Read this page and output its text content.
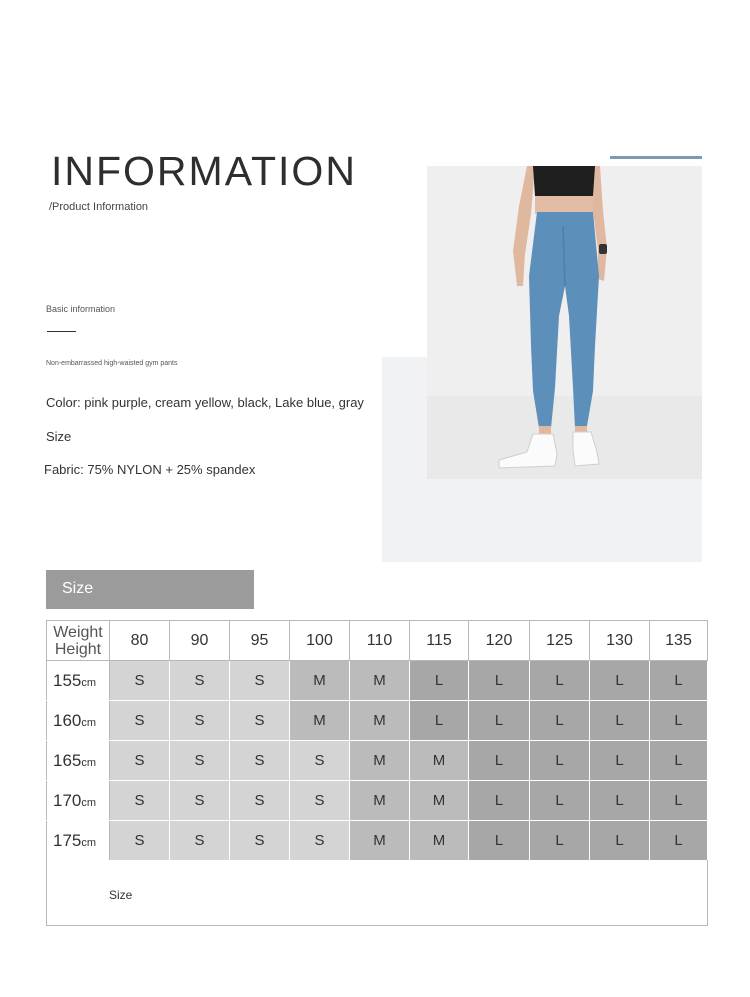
INFORMATION
/Product Information
Basic information
Non-embarrassed high-waisted gym pants
Color: pink purple, cream yellow, black, Lake blue, gray
Size
Fabric: 75% NYLON + 25% spandex
Size
Weight
Height	80	90	95	100	110	115	120	125	130	135
155cm	S	S	S	M	M	L	L	L	L	L
160cm	S	S	S	M	M	L	L	L	L	L
165cm	S	S	S	S	M	M	L	L	L	L
170cm	S	S	S	S	M	M	L	L	L	L
175cm	S	S	S	S	M	M	L	L	L	L
Size
